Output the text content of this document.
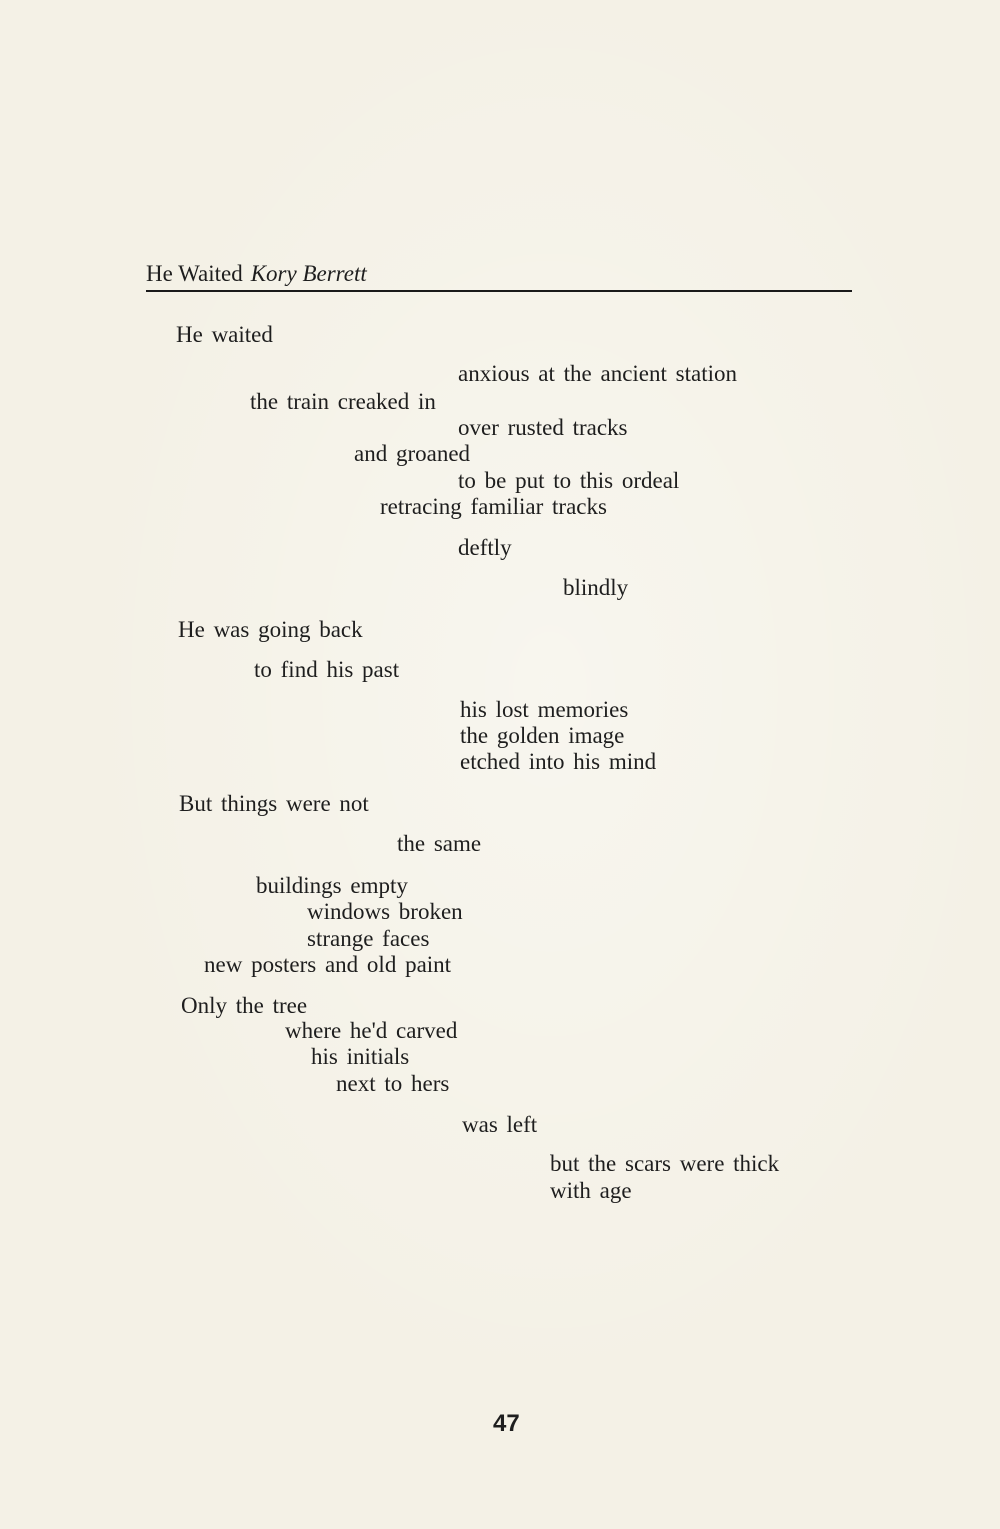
He Waited Kory Berrett
He waited
anxious at the ancient station
the train creaked in
over rusted tracks
and groaned
to be put to this ordeal
retracing familiar tracks
deftly
blindly
He was going back
to find his past
his lost memories
the golden image
etched into his mind
But things were not
the same
buildings empty
windows broken
strange faces
new posters and old paint
Only the tree
where he'd carved
his initials
next to hers
was left
but the scars were thick
with age
47
